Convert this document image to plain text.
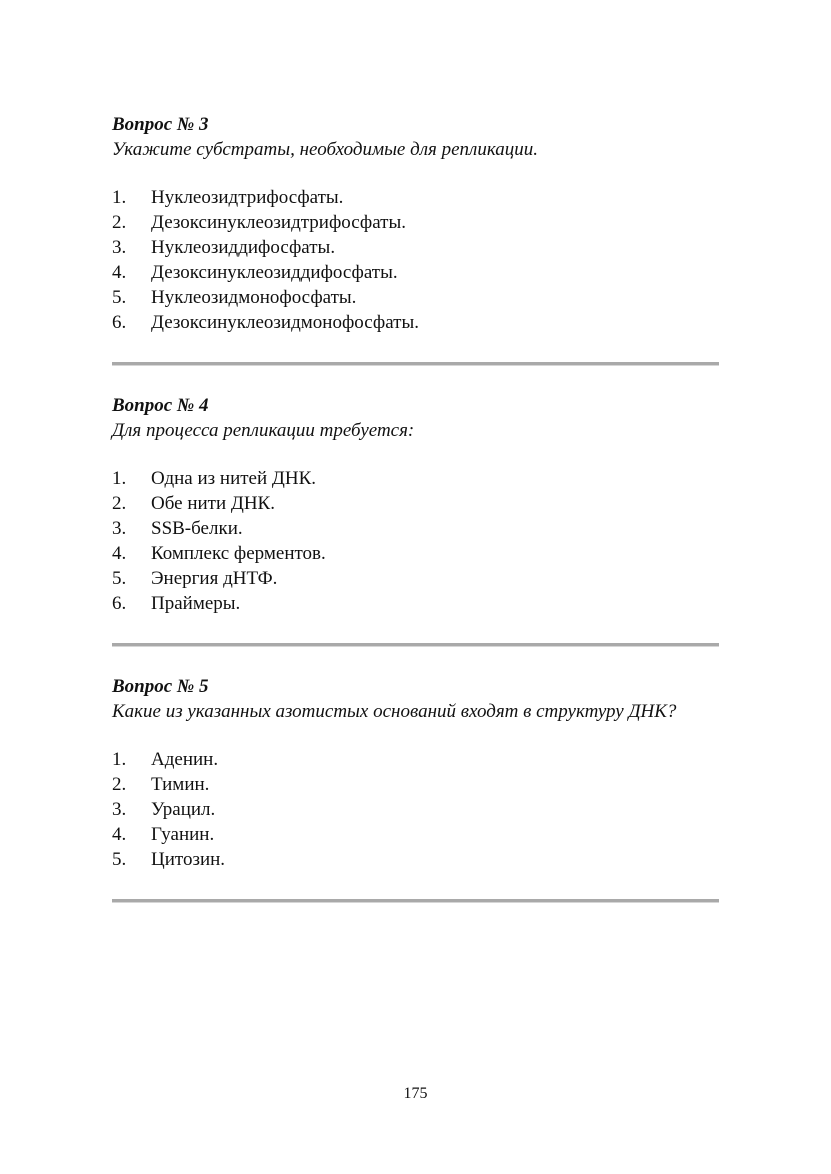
Вопрос № 3

Укажите субстраты, необходимые для репликации.

1.	Нуклеозидтрифосфаты.
2.	Дезоксинуклеозидтрифосфаты.
3.	Нуклеозиддифосфаты.
4.	Дезоксинуклеозиддифосфаты.
5.	Нуклеозидмонофосфаты.
6.	Дезоксинуклеозидмонофосфаты.

Вопрос № 4

Для процесса репликации требуется:

1.	Одна из нитей ДНК.
2.	Обе нити ДНК.
3.	SSB-белки.
4.	Комплекс ферментов.
5.	Энергия дНТФ.
6.	Праймеры.

Вопрос № 5

Какие из указанных азотистых оснований входят в структуру ДНК?

1.	Аденин.
2.	Тимин.
3.	Урацил.
4.	Гуанин.
5.	Цитозин.
175
